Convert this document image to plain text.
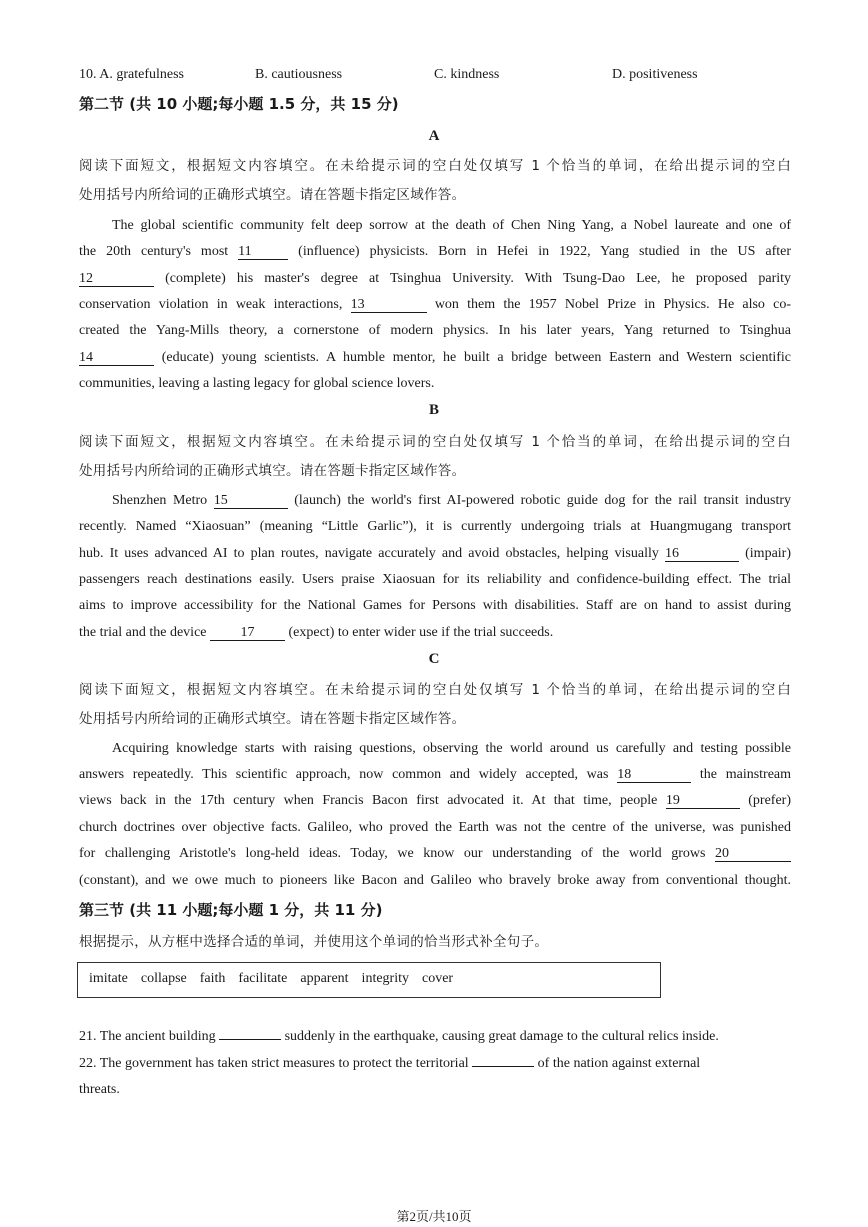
10. A. gratefulness	B. cautiousness	C. kindness	D. positiveness
第二节 (共 10 小题;每小题 1.5 分，共 15 分)
A
阅读下面短文，根据短文内容填空。在未给提示词的空白处仅填写 1 个恰当的单词，在给出提示词的空白
处用括号内所给词的正确形式填空。请在答题卡指定区域作答。
The global scientific community felt deep sorrow at the death of Chen Ning Yang, a Nobel laureate and one of
the 20th century's most 11	(influence) physicists. Born in Hefei in 1922, Yang studied in the US after
12	(complete) his master's degree at Tsinghua University. With Tsung-Dao Lee, he proposed parity
conservation violation in weak interactions, 13	won them the 1957 Nobel Prize in Physics. He also co-
created the Yang-Mills theory, a cornerstone of modern physics. In his later years, Yang returned to Tsinghua
14	(educate) young scientists. A humble mentor, he built a bridge between Eastern and Western scientific
communities, leaving a lasting legacy for global science lovers.
B
阅读下面短文，根据短文内容填空。在未给提示词的空白处仅填写 1 个恰当的单词，在给出提示词的空白
处用括号内所给词的正确形式填空。请在答题卡指定区域作答。
Shenzhen Metro 15	(launch) the world's first AI-powered robotic guide dog for the rail transit industry
recently. Named “Xiaosuan” (meaning “Little Garlic”), it is currently undergoing trials at Huangmugang transport
hub. It uses advanced AI to plan routes, navigate accurately and avoid obstacles, helping visually 16	(impair)
passengers reach destinations easily. Users praise Xiaosuan for its reliability and confidence-building effect. The trial
aims to improve accessibility for the National Games for Persons with disabilities. Staff are on hand to assist during
the trial and the device 17 (expect) to enter wider use if the trial succeeds.
C
阅读下面短文，根据短文内容填空。在未给提示词的空白处仅填写 1 个恰当的单词，在给出提示词的空白
处用括号内所给词的正确形式填空。请在答题卡指定区域作答。
Acquiring knowledge starts with raising questions, observing the world around us carefully and testing possible
answers repeatedly. This scientific approach, now common and widely accepted, was 18	the mainstream
views back in the 17th century when Francis Bacon first advocated it. At that time, people 19	(prefer)
church doctrines over objective facts. Galileo, who proved the Earth was not the centre of the universe, was punished
for challenging Aristotle's long-held ideas. Today, we know our understanding of the world grows 20
(constant), and we owe much to pioneers like Bacon and Galileo who bravely broke away from conventional thought.
第三节 (共 11 小题;每小题 1 分，共 11 分)
根据提示，从方框中选择合适的单词，并使用这个单词的恰当形式补全句子。
imitate  collapse  faith  facilitate  apparent  integrity  cover
21. The ancient building	suddenly in the earthquake, causing great damage to the cultural relics inside.
22. The government has taken strict measures to protect the territorial	of the nation against external
threats.
第2页/共10页
